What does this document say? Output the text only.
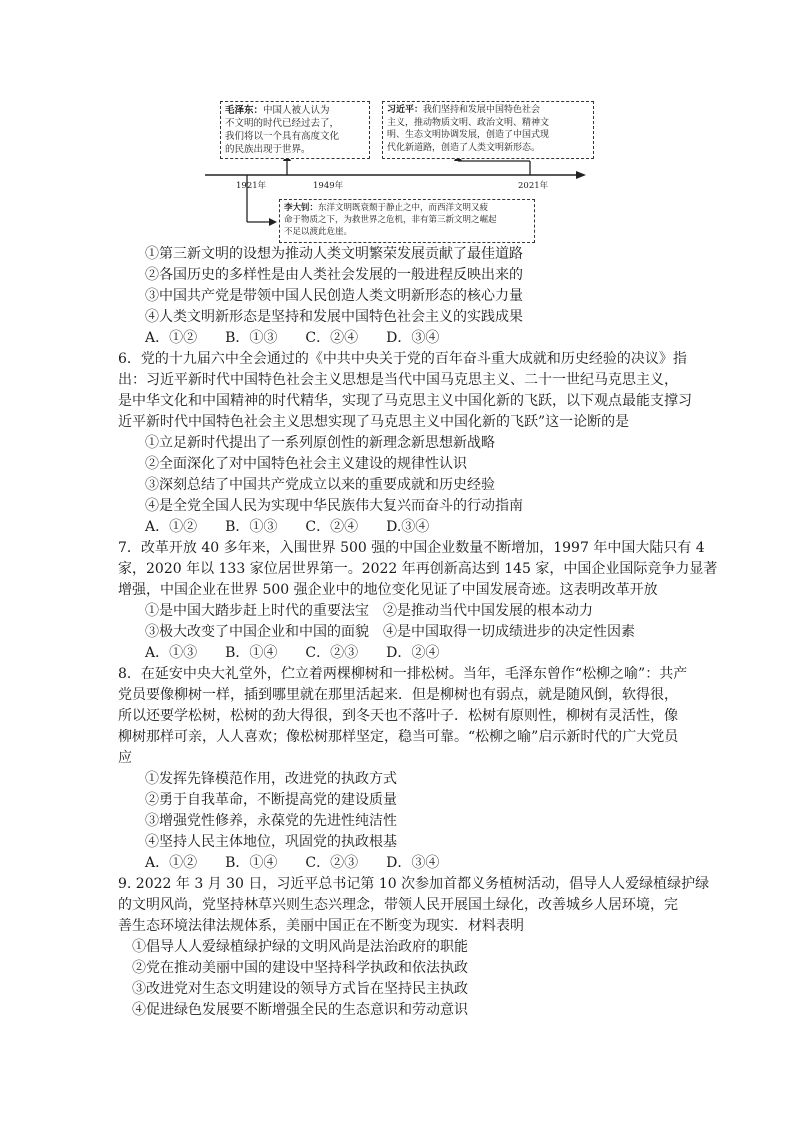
毛泽东：中国人被人认为
不文明的时代已经过去了，
我们将以一个具有高度文化
的民族出现于世界。
习近平：我们坚持和发展中国特色社会
主义，推动物质文明、政治文明、精神文
明、生态文明协调发展，创造了中国式现
代化新道路，创造了人类文明新形态。
1921年	1949年	2021年
李大钊：东洋文明既衰颓于静止之中，而西洋文明又疲
命于物质之下，为救世界之危机，非有第三新文明之崛起
不足以渡此危崖。
①第三新文明的设想为推动人类文明繁荣发展贡献了最佳道路
②各国历史的多样性是由人类社会发展的一般进程反映出来的
③中国共产党是带领中国人民创造人类文明新形态的核心力量
④人类文明新形态是坚持和发展中国特色社会主义的实践成果
A．①②　　B．①③　　C．②④　　D．③④
6．党的十九届六中全会通过的《中共中央关于党的百年奋斗重大成就和历史经验的决议》指
出：习近平新时代中国特色社会主义思想是当代中国马克思主义、二十一世纪马克思主义，
是中华文化和中国精神的时代精华，实现了马克思主义中国化新的飞跃，以下观点最能支撑习
近平新时代中国特色社会主义思想实现了马克思主义中国化新的飞跃”这一论断的是
①立足新时代提出了一系列原创性的新理念新思想新战略
②全面深化了对中国特色社会主义建设的规律性认识
③深刻总结了中国共产党成立以来的重要成就和历史经验
④是全党全国人民为实现中华民族伟大复兴而奋斗的行动指南
A．①②　　B．①③　　C．②④　　D.③④
7．改革开放 40 多年来，入围世界 500 强的中国企业数量不断增加，1997 年中国大陆只有 4
家，2020 年以 133 家位居世界第一。2022 年再创新高达到 145 家，中国企业国际竞争力显著
增强，中国企业在世界 500 强企业中的地位变化见证了中国发展奇迹。这表明改革开放
①是中国大踏步赶上时代的重要法宝　②是推动当代中国发展的根本动力
③极大改变了中国企业和中国的面貌　④是中国取得一切成绩进步的决定性因素
A．①③　　B．①④　　C．②③　　D．②④
8．在延安中央大礼堂外，伫立着两棵柳树和一排松树。当年，毛泽东曾作“松柳之喻”：共产
党员要像柳树一样，插到哪里就在那里活起来．但是柳树也有弱点，就是随风倒，软得很，
所以还要学松树，松树的劲大得很，到冬天也不落叶子．松树有原则性，柳树有灵活性，像
柳树那样可亲，人人喜欢；像松树那样坚定，稳当可靠。“松柳之喻”启示新时代的广大党员
应
①发挥先锋模范作用，改进党的执政方式
②勇于自我革命，不断提高党的建设质量
③增强党性修养，永葆党的先进性纯洁性
④坚持人民主体地位，巩固党的执政根基
A．①②　　B．①④　　C．②③　　D．③④
9. 2022 年 3 月 30 日，习近平总书记第 10 次参加首都义务植树活动，倡导人人爱绿植绿护绿
的文明风尚，党坚持林草兴则生态兴理念，带领人民开展国土绿化，改善城乡人居环境，完
善生态环境法律法规体系，美丽中国正在不断变为现实．材料表明
①倡导人人爱绿植绿护绿的文明风尚是法治政府的职能
②党在推动美丽中国的建设中坚持科学执政和依法执政
③改进党对生态文明建设的领导方式旨在坚持民主执政
④促进绿色发展要不断增强全民的生态意识和劳动意识
